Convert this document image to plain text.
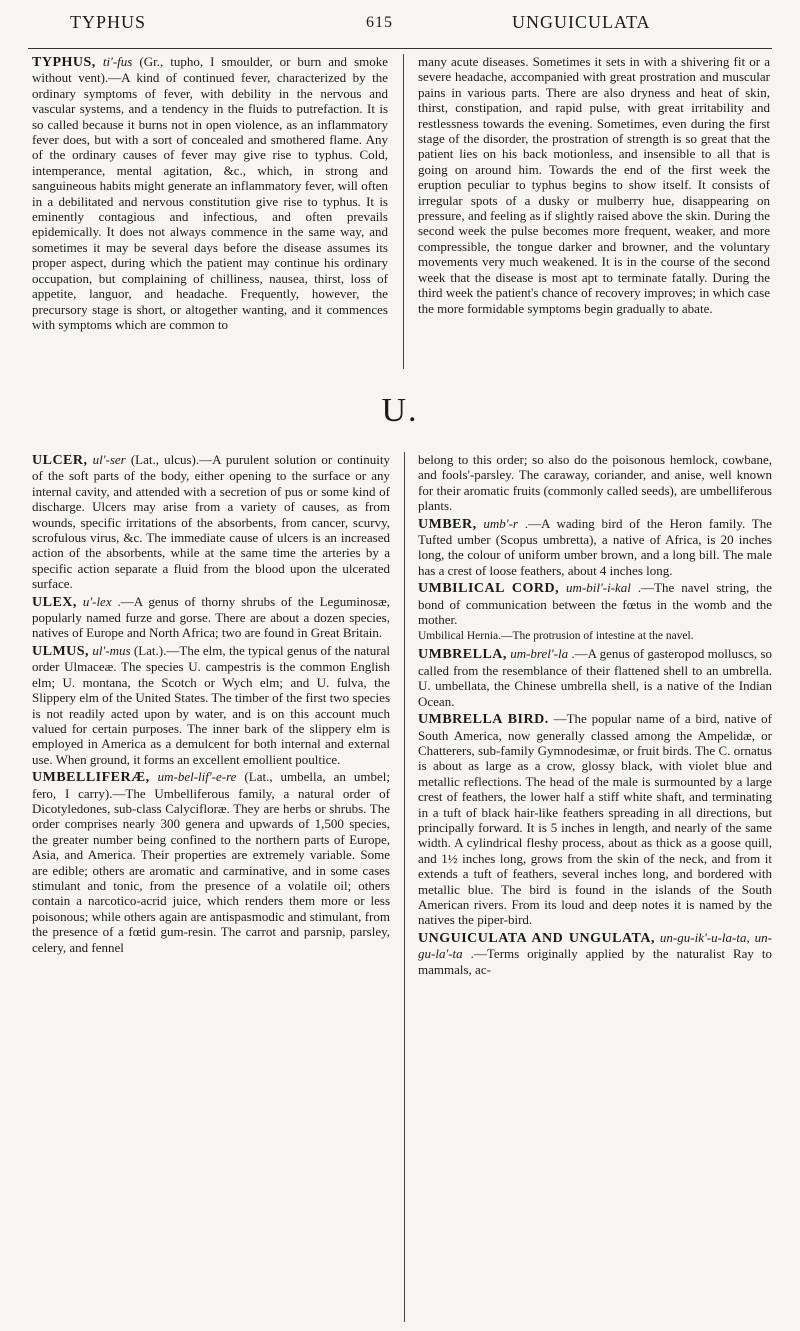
TYPHUS	615	UNGUICULATA

TYPHUS, ti'-fus (Gr., tupho, I smoulder, or burn and smoke without vent).—A kind of continued fever, characterized by the ordinary symptoms of fever, with debility in the nervous and vascular systems, and a tendency in the fluids to putrefaction. It is so called because it burns not in open violence, as an inflammatory fever does, but with a sort of concealed and smothered flame. Any of the ordinary causes of fever may give rise to typhus. Cold, intemperance, mental agitation, &c., which, in strong and sanguineous habits might generate an inflammatory fever, will often in a debilitated and nervous constitution give rise to typhus. It is eminently contagious and infectious, and often prevails epidemically. It does not always commence in the same way, and sometimes it may be several days before the disease assumes its proper aspect, during which the patient may continue his ordinary occupation, but complaining of chilliness, nausea, thirst, loss of appetite, languor, and headache. Frequently, however, the precursory stage is short, or altogether wanting, and it commences with symptoms which are common to

many acute diseases. Sometimes it sets in with a shivering fit or a severe headache, accompanied with great prostration and muscular pains in various parts. There are also dryness and heat of skin, thirst, constipation, and rapid pulse, with great irritability and restlessness towards the evening. Sometimes, even during the first stage of the disorder, the prostration of strength is so great that the patient lies on his back motionless, and insensible to all that is going on around him. Towards the end of the first week the eruption peculiar to typhus begins to show itself. It consists of irregular spots of a dusky or mulberry hue, disappearing on pressure, and feeling as if slightly raised above the skin. During the second week the pulse becomes more frequent, weaker, and more compressible, the tongue darker and browner, and the voluntary movements very much weakened. It is in the course of the second week that the disease is most apt to terminate fatally. During the third week the patient's chance of recovery improves; in which case the more formidable symptoms begin gradually to abate.

U.

ULCER, ul'-ser (Lat., ulcus).—A purulent solution or continuity of the soft parts of the body, either opening to the surface or any internal cavity, and attended with a secretion of pus or some kind of discharge. Ulcers may arise from a variety of causes, as from wounds, specific irritations of the absorbents, from cancer, scurvy, scrofulous virus, &c. The immediate cause of ulcers is an increased action of the absorbents, while at the same time the arteries by a specific action separate a fluid from the blood upon the ulcerated surface.

ULEX, u'-lex .—A genus of thorny shrubs of the Leguminosæ, popularly named furze and gorse. There are about a dozen species, natives of Europe and North Africa; two are found in Great Britain.

ULMUS, ul'-mus (Lat.).—The elm, the typical genus of the natural order Ulmaceæ. The species U. campestris is the common English elm; U. montana, the Scotch or Wych elm; and U. fulva, the Slippery elm of the United States. The timber of the first two species is not readily acted upon by water, and is on this account much valued for certain purposes. The inner bark of the slippery elm is employed in America as a demulcent for both internal and external use. When ground, it forms an excellent emollient poultice.

UMBELLIFERÆ, um-bel-lif'-e-re (Lat., umbella, an umbel; fero, I carry).—The Umbelliferous family, a natural order of Dicotyledones, sub-class Calycifloræ. They are herbs or shrubs. The order comprises nearly 300 genera and upwards of 1,500 species, the greater number being confined to the northern parts of Europe, Asia, and America. Their properties are extremely variable. Some are edible; others are aromatic and carminative, and in some cases stimulant and tonic, from the presence of a volatile oil; others contain a narcotico-acrid juice, which renders them more or less poisonous; while others again are antispasmodic and stimulant, from the presence of a fœtid gum-resin. The carrot and parsnip, parsley, celery, and fennel

belong to this order; so also do the poisonous hemlock, cowbane, and fools'-parsley. The caraway, coriander, and anise, well known for their aromatic fruits (commonly called seeds), are umbelliferous plants.

UMBER, umb'-r .—A wading bird of the Heron family. The Tufted umber (Scopus umbretta), a native of Africa, is 20 inches long, the colour of uniform umber brown, and a long bill. The male has a crest of loose feathers, about 4 inches long.

UMBILICAL CORD, um-bil'-i-kal .—The navel string, the bond of communication between the fœtus in the womb and the mother.

Umbilical Hernia.—The protrusion of intestine at the navel.

UMBRELLA, um-brel'-la .—A genus of gasteropod molluscs, so called from the resemblance of their flattened shell to an umbrella. U. umbellata, the Chinese umbrella shell, is a native of the Indian Ocean.

UMBRELLA BIRD. —The popular name of a bird, native of South America, now generally classed among the Ampelidæ, or Chatterers, sub-family Gymnodesimæ, or fruit birds. The C. ornatus is about as large as a crow, glossy black, with violet blue and metallic reflections. The head of the male is surmounted by a large crest of feathers, the lower half a stiff white shaft, and terminating in a tuft of black hair-like feathers spreading in all directions, but principally forward. It is 5 inches in length, and nearly of the same width. A cylindrical fleshy process, about as thick as a goose quill, and 1½ inches long, grows from the skin of the neck, and from it extends a tuft of feathers, several inches long, and bordered with metallic blue. The bird is found in the islands of the South American rivers. From its loud and deep notes it is named by the natives the piper-bird.

UNGUICULATA AND UNGULATA, un-gu-ik'-u-la-ta, un-gu-la'-ta .—Terms originally applied by the naturalist Ray to mammals, ac-
